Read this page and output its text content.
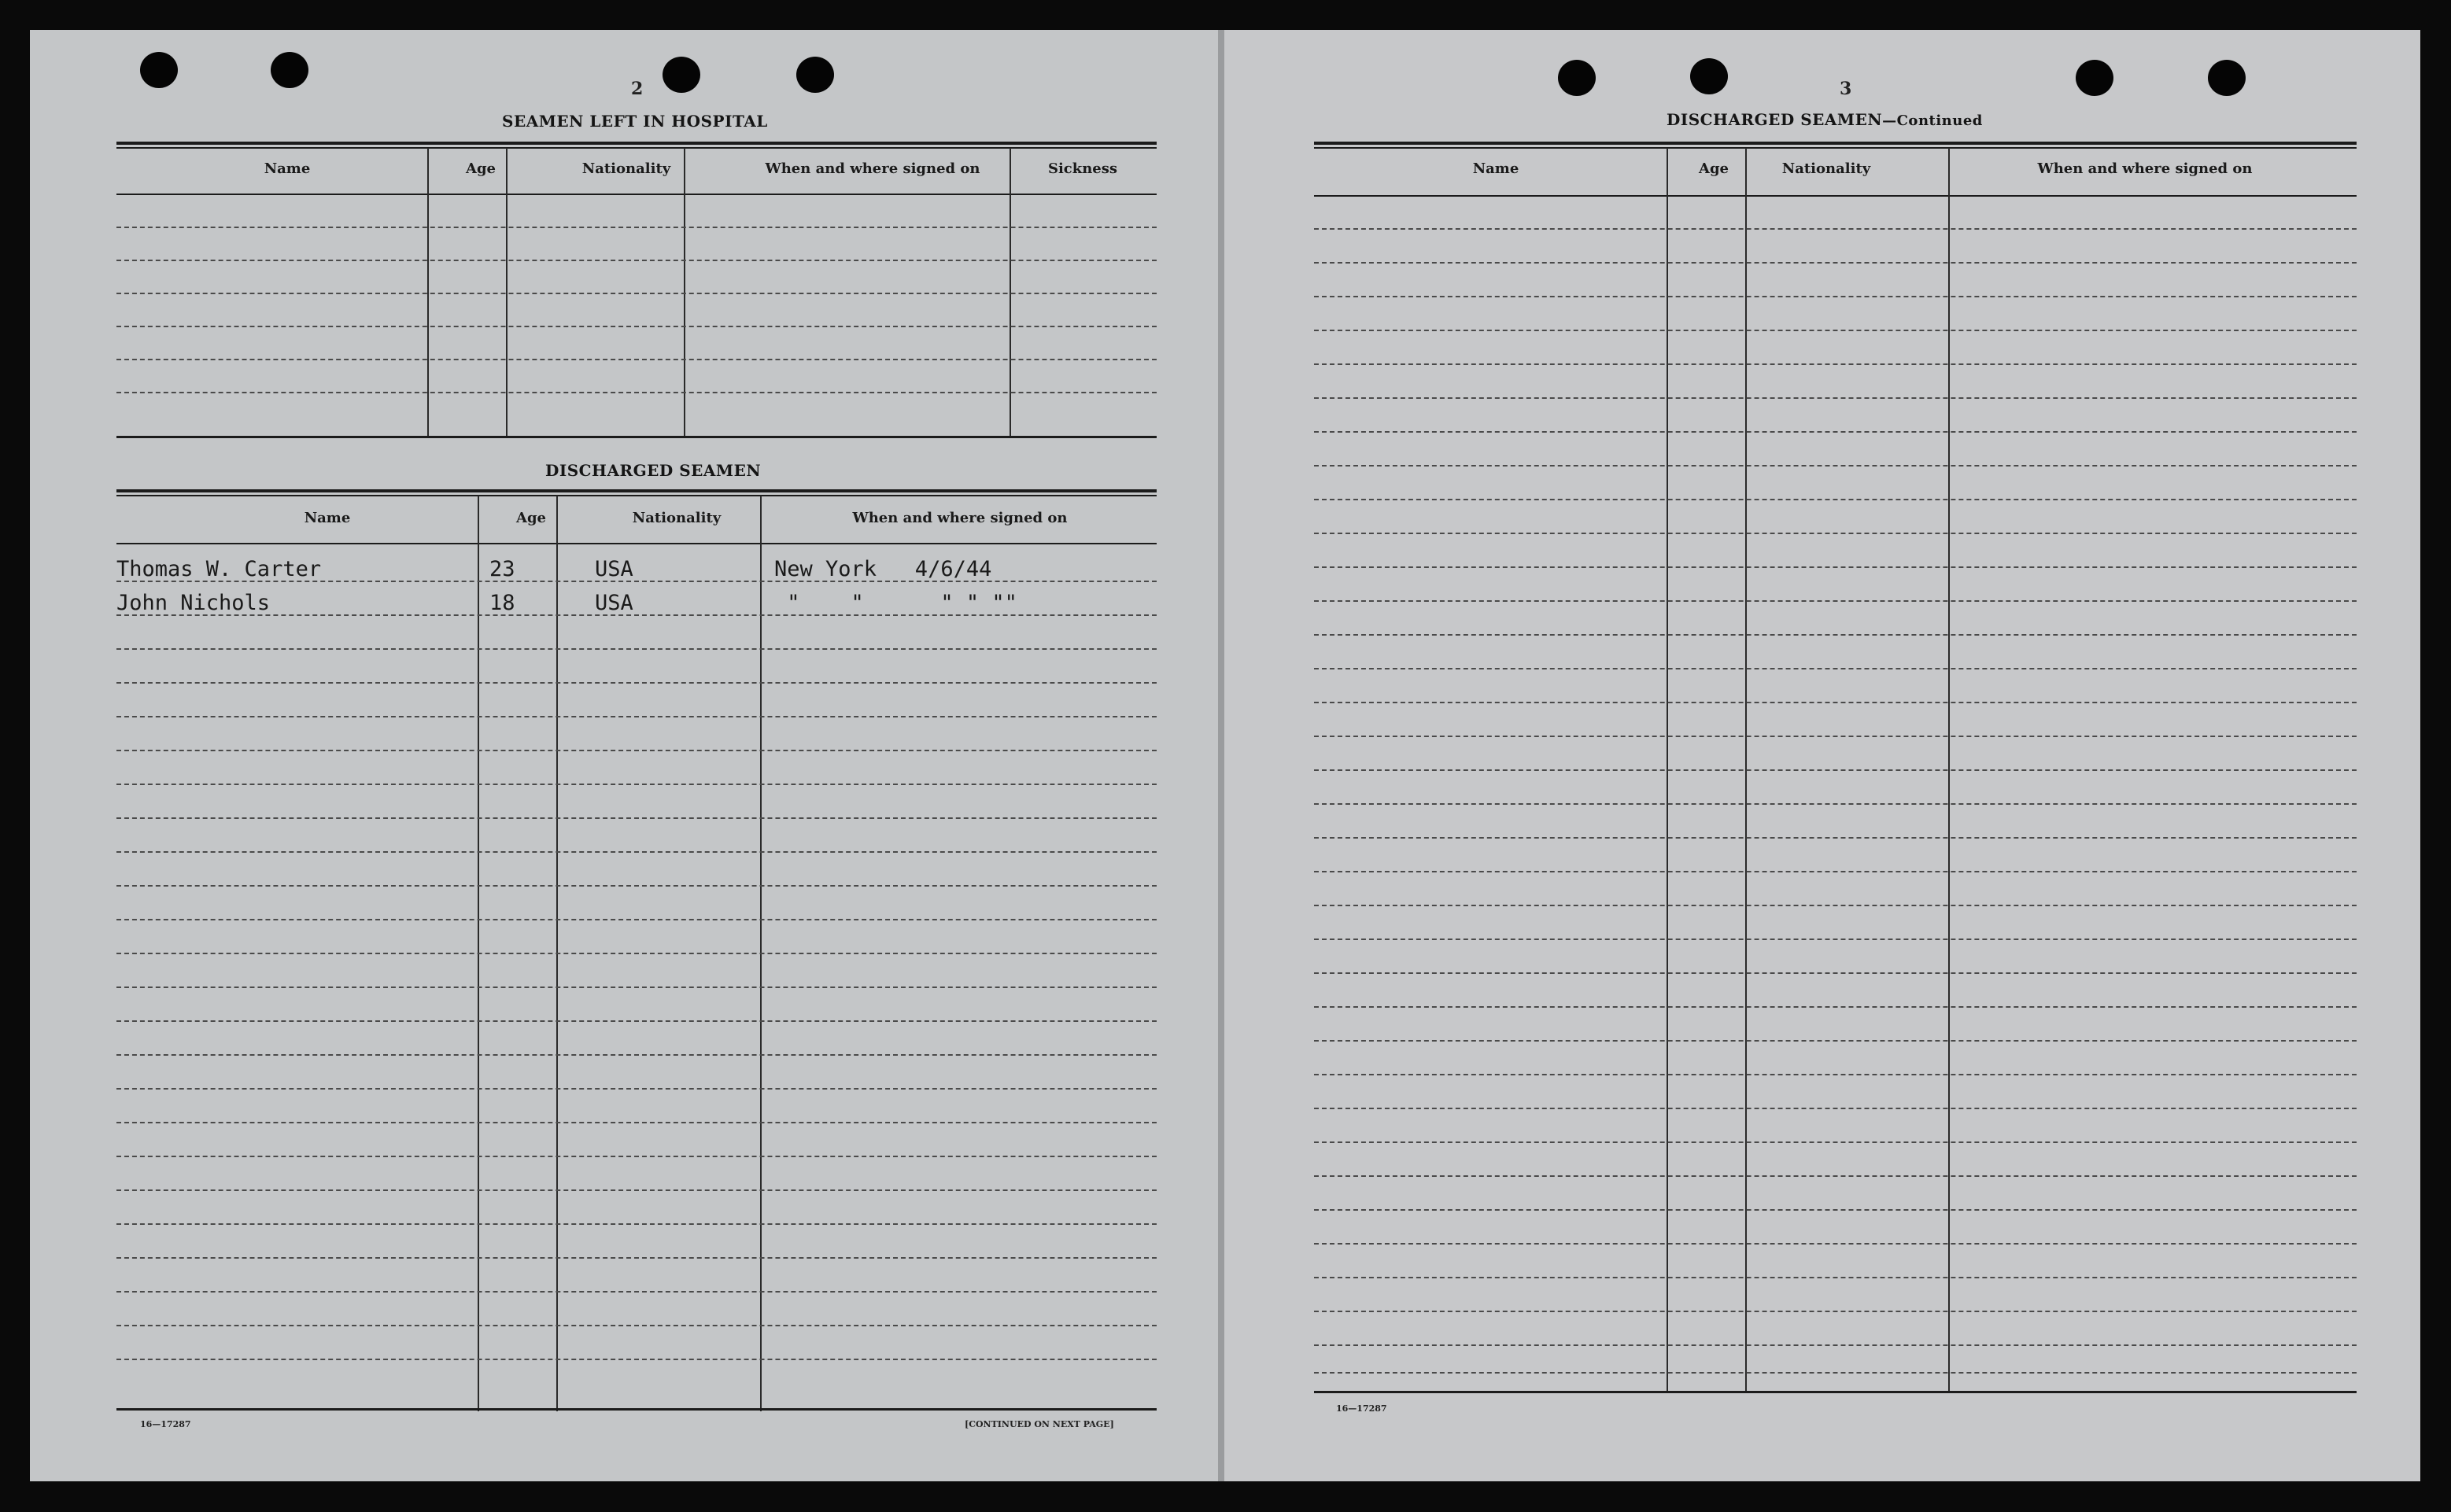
2
SEAMEN LEFT IN HOSPITAL
Name	Age	Nationality	When and where signed on	Sickness
DISCHARGED SEAMEN
Name	Age	Nationality	When and where signed on
Thomas W. Carter	23	USA	New York   4/6/44
John Nichols	18	USA	"    "      " " ""
16—17287	[CONTINUED ON NEXT PAGE]
3
DISCHARGED SEAMEN—Continued
Name	Age	Nationality	When and where signed on
16—17287
